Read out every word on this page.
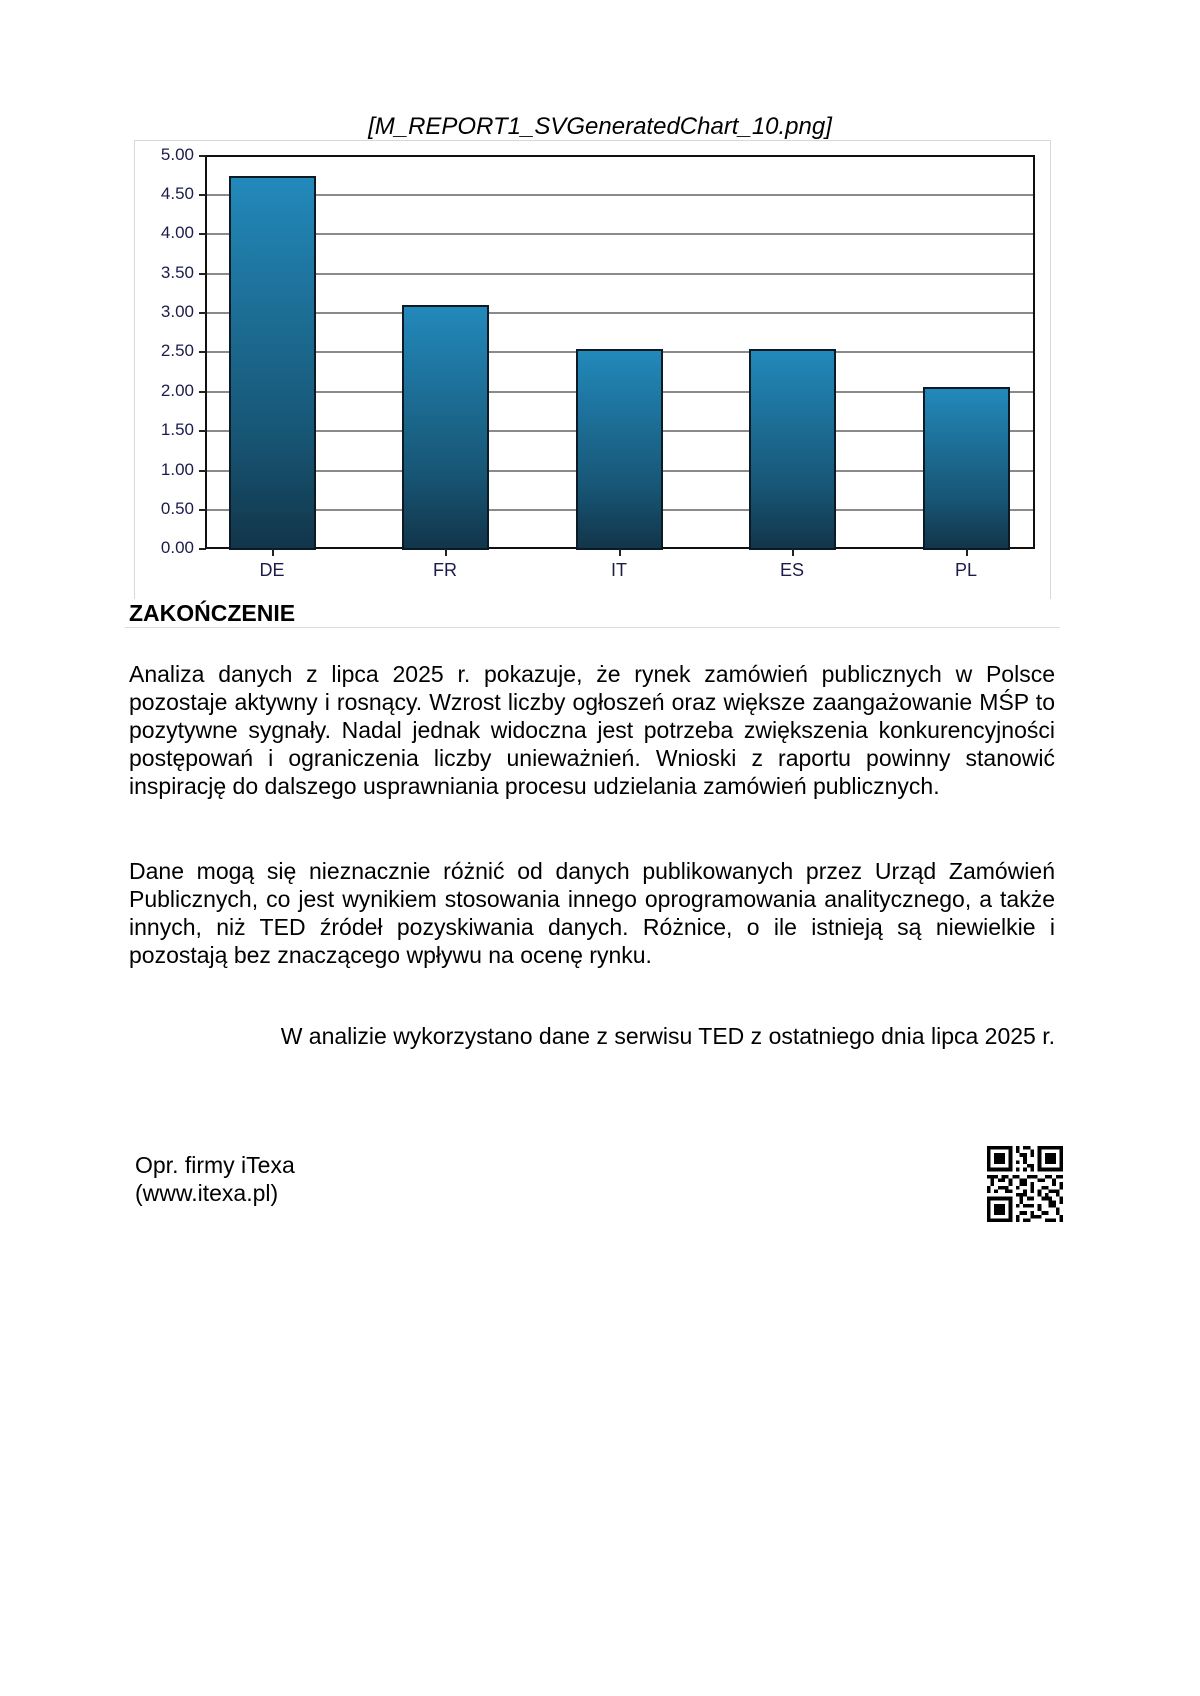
[M_REPORT1_SVGeneratedChart_10.png]
5.00
4.50
4.00
3.50
3.00
2.50
2.00
1.50
1.00
0.50
0.00
DE	FR	IT	ES	PL
ZAKOŃCZENIE

Analiza danych z lipca 2025 r. pokazuje, że rynek zamówień publicznych w Polsce pozostaje aktywny i rosnący. Wzrost liczby ogłoszeń oraz większe zaangażowanie MŚP to pozytywne sygnały. Nadal jednak widoczna jest potrzeba zwiększenia konkurencyjności postępowań i ograniczenia liczby unieważnień. Wnioski z raportu powinny stanowić inspirację do dalszego usprawniania procesu udzielania zamówień publicznych.

Dane mogą się nieznacznie różnić od danych publikowanych przez Urząd Zamówień Publicznych, co jest wynikiem stosowania innego oprogramowania analitycznego, a także innych, niż TED źródeł pozyskiwania danych. Różnice, o ile istnieją są niewielkie i pozostają bez znaczącego wpływu na ocenę rynku.

W analizie wykorzystano dane z serwisu TED z ostatniego dnia lipca 2025 r.
Opr. firmy iTexa
(www.itexa.pl)
